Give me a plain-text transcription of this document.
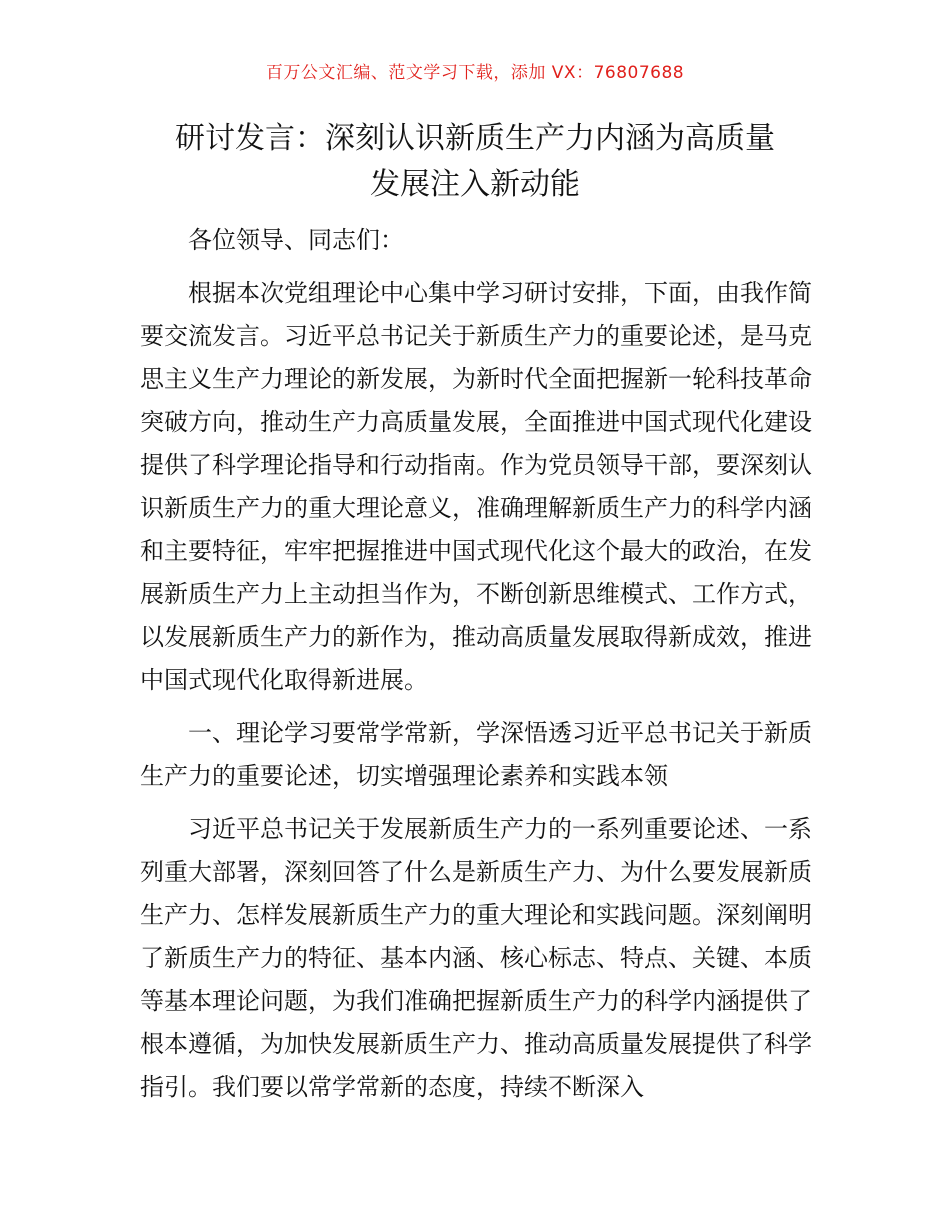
百万公文汇编、范文学习下载，添加 VX：76807688
研讨发言：深刻认识新质生产力内涵为高质量
发展注入新动能

各位领导、同志们：

根据本次党组理论中心集中学习研讨安排，下面，由我作简要交流发言。习近平总书记关于新质生产力的重要论述，是马克思主义生产力理论的新发展，为新时代全面把握新一轮科技革命突破方向，推动生产力高质量发展，全面推进中国式现代化建设提供了科学理论指导和行动指南。作为党员领导干部，要深刻认识新质生产力的重大理论意义，准确理解新质生产力的科学内涵和主要特征，牢牢把握推进中国式现代化这个最大的政治，在发展新质生产力上主动担当作为，不断创新思维模式、工作方式，以发展新质生产力的新作为，推动高质量发展取得新成效，推进中国式现代化取得新进展。

一、理论学习要常学常新，学深悟透习近平总书记关于新质生产力的重要论述，切实增强理论素养和实践本领

习近平总书记关于发展新质生产力的一系列重要论述、一系列重大部署，深刻回答了什么是新质生产力、为什么要发展新质生产力、怎样发展新质生产力的重大理论和实践问题。深刻阐明了新质生产力的特征、基本内涵、核心标志、特点、关键、本质等基本理论问题，为我们准确把握新质生产力的科学内涵提供了根本遵循，为加快发展新质生产力、推动高质量发展提供了科学指引。我们要以常学常新的态度，持续不断深入
